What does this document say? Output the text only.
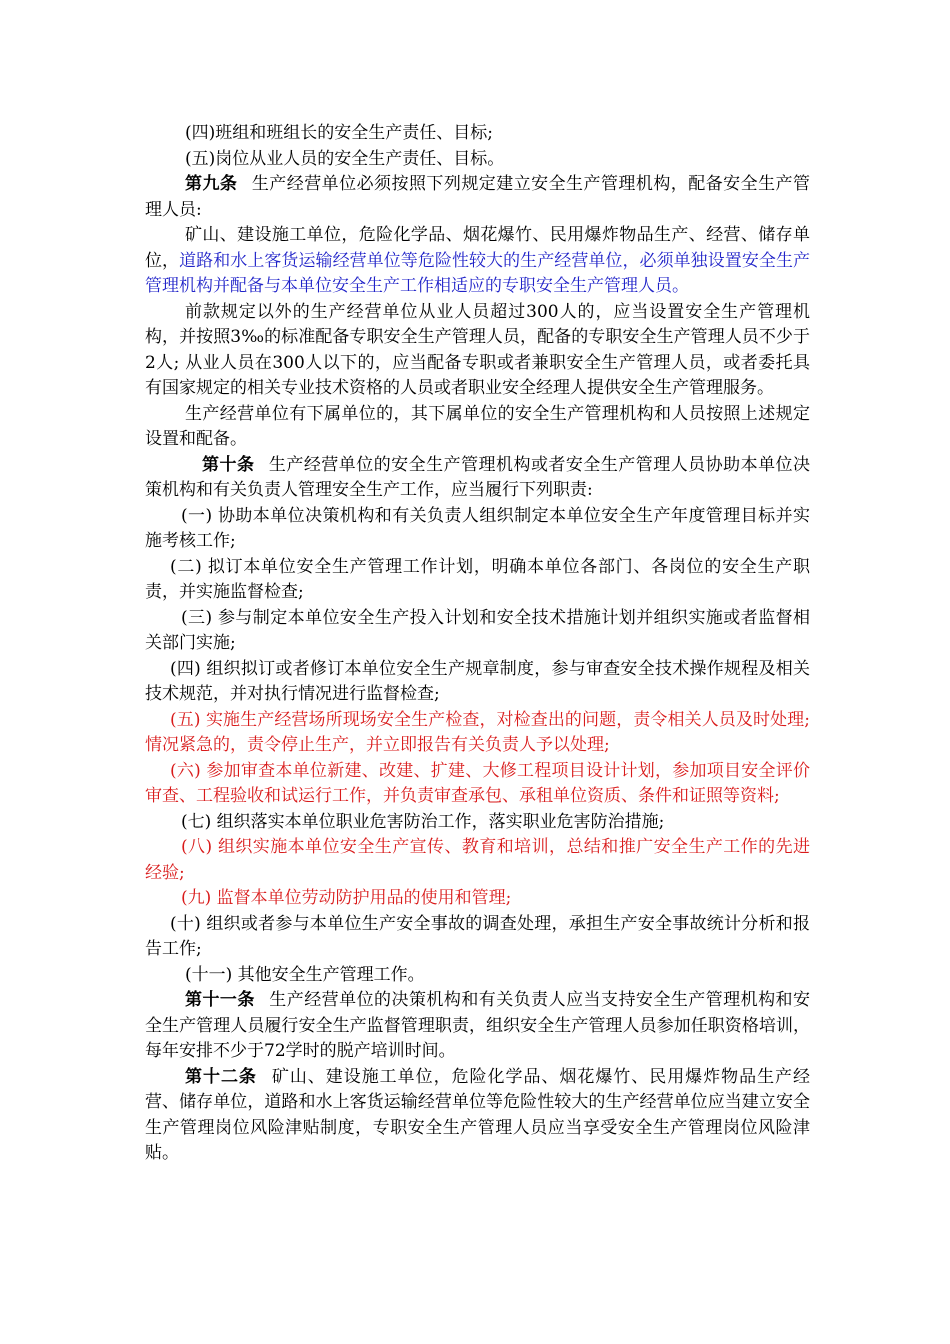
(四)班组和班组长的安全生产责任、目标;

(五)岗位从业人员的安全生产责任、目标。

第九条 生产经营单位必须按照下列规定建立安全生产管理机构，配备安全生产管理人员:

矿山、建设施工单位，危险化学品、烟花爆竹、民用爆炸物品生产、经营、储存单位，道路和水上客货运输经营单位等危险性较大的生产经营单位，必须单独设置安全生产管理机构并配备与本单位安全生产工作相适应的专职安全生产管理人员。

前款规定以外的生产经营单位从业人员超过300人的，应当设置安全生产管理机构，并按照3‰的标准配备专职安全生产管理人员，配备的专职安全生产管理人员不少于2人; 从业人员在300人以下的，应当配备专职或者兼职安全生产管理人员，或者委托具有国家规定的相关专业技术资格的人员或者职业安全经理人提供安全生产管理服务。

生产经营单位有下属单位的，其下属单位的安全生产管理机构和人员按照上述规定设置和配备。

第十条 生产经营单位的安全生产管理机构或者安全生产管理人员协助本单位决策机构和有关负责人管理安全生产工作，应当履行下列职责:

(一) 协助本单位决策机构和有关负责人组织制定本单位安全生产年度管理目标并实施考核工作;

(二) 拟订本单位安全生产管理工作计划，明确本单位各部门、各岗位的安全生产职责，并实施监督检查;

(三) 参与制定本单位安全生产投入计划和安全技术措施计划并组织实施或者监督相关部门实施;

(四) 组织拟订或者修订本单位安全生产规章制度，参与审查安全技术操作规程及相关技术规范，并对执行情况进行监督检查;

(五) 实施生产经营场所现场安全生产检查，对检查出的问题，责令相关人员及时处理; 情况紧急的，责令停止生产，并立即报告有关负责人予以处理;

(六) 参加审查本单位新建、改建、扩建、大修工程项目设计计划，参加项目安全评价审查、工程验收和试运行工作，并负责审查承包、承租单位资质、条件和证照等资料;

(七) 组织落实本单位职业危害防治工作，落实职业危害防治措施;

(八) 组织实施本单位安全生产宣传、教育和培训，总结和推广安全生产工作的先进经验;

(九) 监督本单位劳动防护用品的使用和管理;

(十) 组织或者参与本单位生产安全事故的调查处理，承担生产安全事故统计分析和报告工作;

(十一) 其他安全生产管理工作。

第十一条 生产经营单位的决策机构和有关负责人应当支持安全生产管理机构和安全生产管理人员履行安全生产监督管理职责，组织安全生产管理人员参加任职资格培训，每年安排不少于72学时的脱产培训时间。

第十二条 矿山、建设施工单位，危险化学品、烟花爆竹、民用爆炸物品生产经营、储存单位，道路和水上客货运输经营单位等危险性较大的生产经营单位应当建立安全生产管理岗位风险津贴制度，专职安全生产管理人员应当享受安全生产管理岗位风险津贴。
